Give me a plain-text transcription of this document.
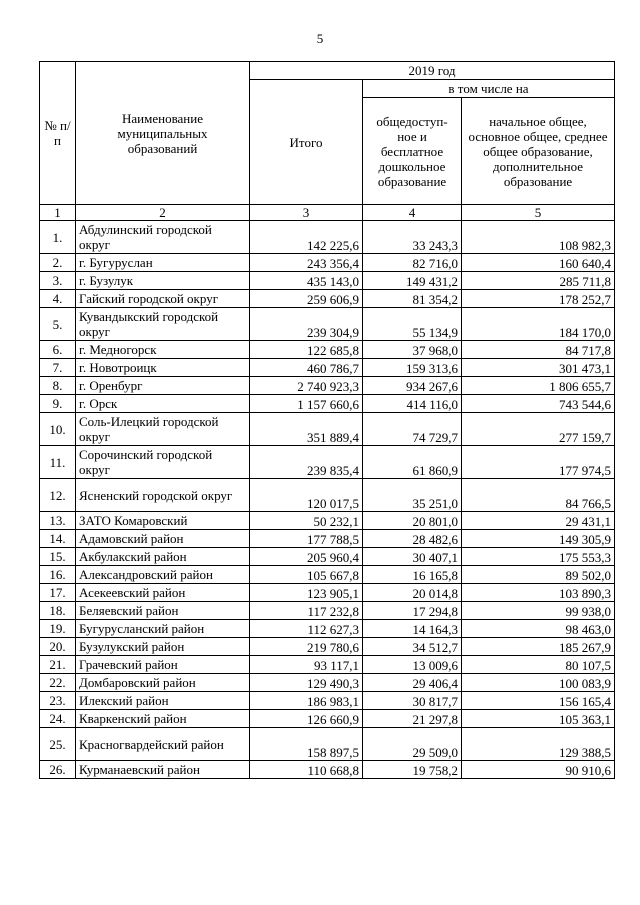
5
№ п/п	Наименование муниципальных образований	2019 год		
		Итого	в том числе на	
			общедоступ- ное и бесплатное дошкольное образование	начальное общее, основное общее, среднее общее образование, дополнительное образование
1	2	3	4	5
1.	Абдулинский городской округ	142 225,6	33 243,3	108 982,3
2.	г. Бугуруслан	243 356,4	82 716,0	160 640,4
3.	г. Бузулук	435 143,0	149 431,2	285 711,8
4.	Гайский городской округ	259 606,9	81 354,2	178 252,7
5.	Кувандыкский городской округ	239 304,9	55 134,9	184 170,0
6.	г. Медногорск	122 685,8	37 968,0	84 717,8
7.	г. Новотроицк	460 786,7	159 313,6	301 473,1
8.	г. Оренбург	2 740 923,3	934 267,6	1 806 655,7
9.	г. Орск	1 157 660,6	414 116,0	743 544,6
10.	Соль-Илецкий городской округ	351 889,4	74 729,7	277 159,7
11.	Сорочинский городской округ	239 835,4	61 860,9	177 974,5
12.	Ясненский городской округ	120 017,5	35 251,0	84 766,5
13.	ЗАТО Комаровский	50 232,1	20 801,0	29 431,1
14.	Адамовский район	177 788,5	28 482,6	149 305,9
15.	Акбулакский район	205 960,4	30 407,1	175 553,3
16.	Александровский район	105 667,8	16 165,8	89 502,0
17.	Асекеевский район	123 905,1	20 014,8	103 890,3
18.	Беляевский район	117 232,8	17 294,8	99 938,0
19.	Бугурусланский район	112 627,3	14 164,3	98 463,0
20.	Бузулукский район	219 780,6	34 512,7	185 267,9
21.	Грачевский район	93 117,1	13 009,6	80 107,5
22.	Домбаровский район	129 490,3	29 406,4	100 083,9
23.	Илекский район	186 983,1	30 817,7	156 165,4
24.	Кваркенский район	126 660,9	21 297,8	105 363,1
25.	Красногвардейский район	158 897,5	29 509,0	129 388,5
26.	Курманаевский район	110 668,8	19 758,2	90 910,6
